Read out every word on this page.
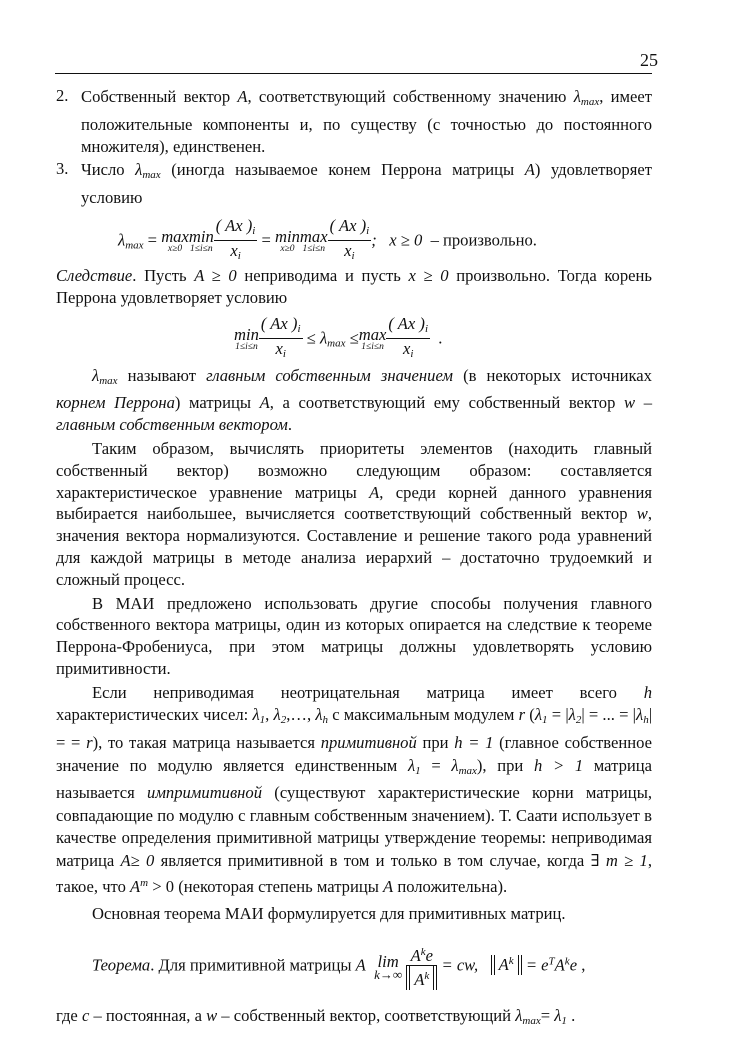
25
2. Собственный вектор A, соответствующий собственному значению $\lambda_{max}$, имеет положительные компоненты и, по существу (с точностью до постоянного множителя), единственен.
3. Число $\lambda_{max}$ (иногда называемое конем Перрона матрицы A) удовлетворяет условию
$\lambda_{max} = \max$
x≥0
min
$1\le i\le n \frac{( Ax )_i}{x_i} = \min$
x≥0
max
$1\le i\le n \frac{( Ax )_i}{x_i}$ ; x ≥ 0 – произвольно.

Следствие. Пусть A ≥ 0 неприводима и пусть x ≥ 0 произвольно. Тогда корень Перрона удовлетворяет условию

min
$1\le i\le n \frac{( Ax )_i}{x_i} \le \lambda_{max} \le \max$
$1\le i\le n \frac{( Ax )_i}{x_i}$ .

$\lambda_{max}$ называют главным собственным значением (в некоторых источниках корнем Перрона) матрицы A, а соответствующий ему собственный вектор w – главным собственным вектором.

Таким образом, вычислять приоритеты элементов (находить главный собственный вектор) возможно следующим образом: составляется характеристическое уравнение матрицы A, среди корней данного уравнения выбирается наибольшее, вычисляется соответствующий собственный вектор w, значения вектора нормализуются. Составление и решение такого рода уравнений для каждой матрицы в методе анализа иерархий – достаточно трудоемкий и сложный процесс.

В МАИ предложено использовать другие способы получения главного собственного вектора матрицы, один из которых опирается на следствие к теореме Перрона-Фробениуса, при этом матрицы должны удовлетворять условию примитивности.

Если неприводимая неотрицательная матрица имеет всего h характеристических чисел: $\lambda_1$, $\lambda_2,\dots$, $\lambda_h$ с максимальным модулем r ($\lambda_1 = |\lambda_2|$ = ... = $|\lambda_h|$ = = r), то такая матрица называется примитивной при h = 1 (главное собственное значение по модулю является единственным $\lambda_1 = \lambda_{max}$), при h > 1 матрица называется импримитивной (существуют характеристические корни матрицы, совпадающие по модулю с главным собственным значением). Т. Саати использует в качестве определения примитивной матрицы утверждение теоремы: неприводимая матрица A≥ 0 является примитивной в том и только в том случае, когда ∃ m ≥ 1, такое, что $A^m > 0$ (некоторая степень матрицы A положительна).

Основная теорема МАИ формулируется для примитивных матриц.

Теорема. Для примитивной матрицы A lim
k→∞
$\frac{A^ke}{A^k}$ = cw, $A^k = e^TA^ke$ ,

где c – постоянная, а w – собственный вектор, соответствующий $\lambda_{max}= \lambda_1$ .
